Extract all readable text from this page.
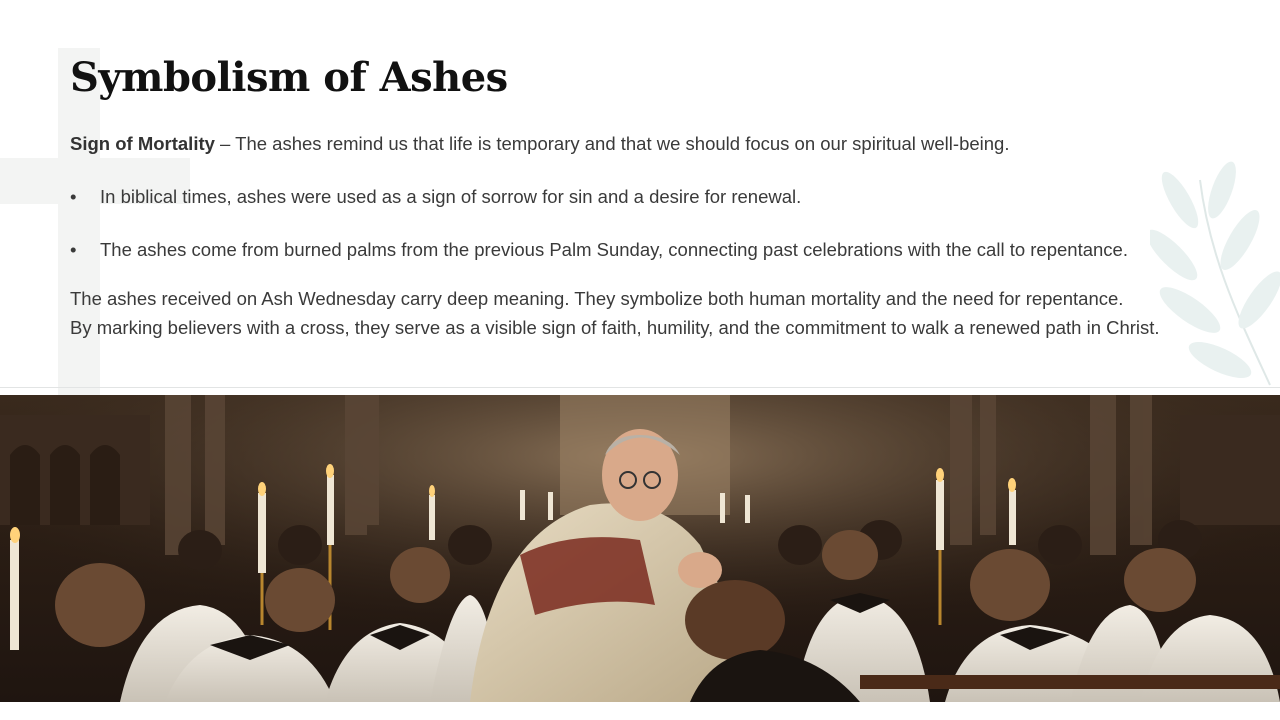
Symbolism of Ashes

Sign of Mortality – The ashes remind us that life is temporary and that we should focus on our spiritual well-being.

• In biblical times, ashes were used as a sign of sorrow for sin and a desire for renewal.
• The ashes come from burned palms from the previous Palm Sunday, connecting past celebrations with the call to repentance.
The ashes received on Ash Wednesday carry deep meaning. They symbolize both human mortality and the need for repentance.
By marking believers with a cross, they serve as a visible sign of faith, humility, and the commitment to walk a renewed path in Christ.
